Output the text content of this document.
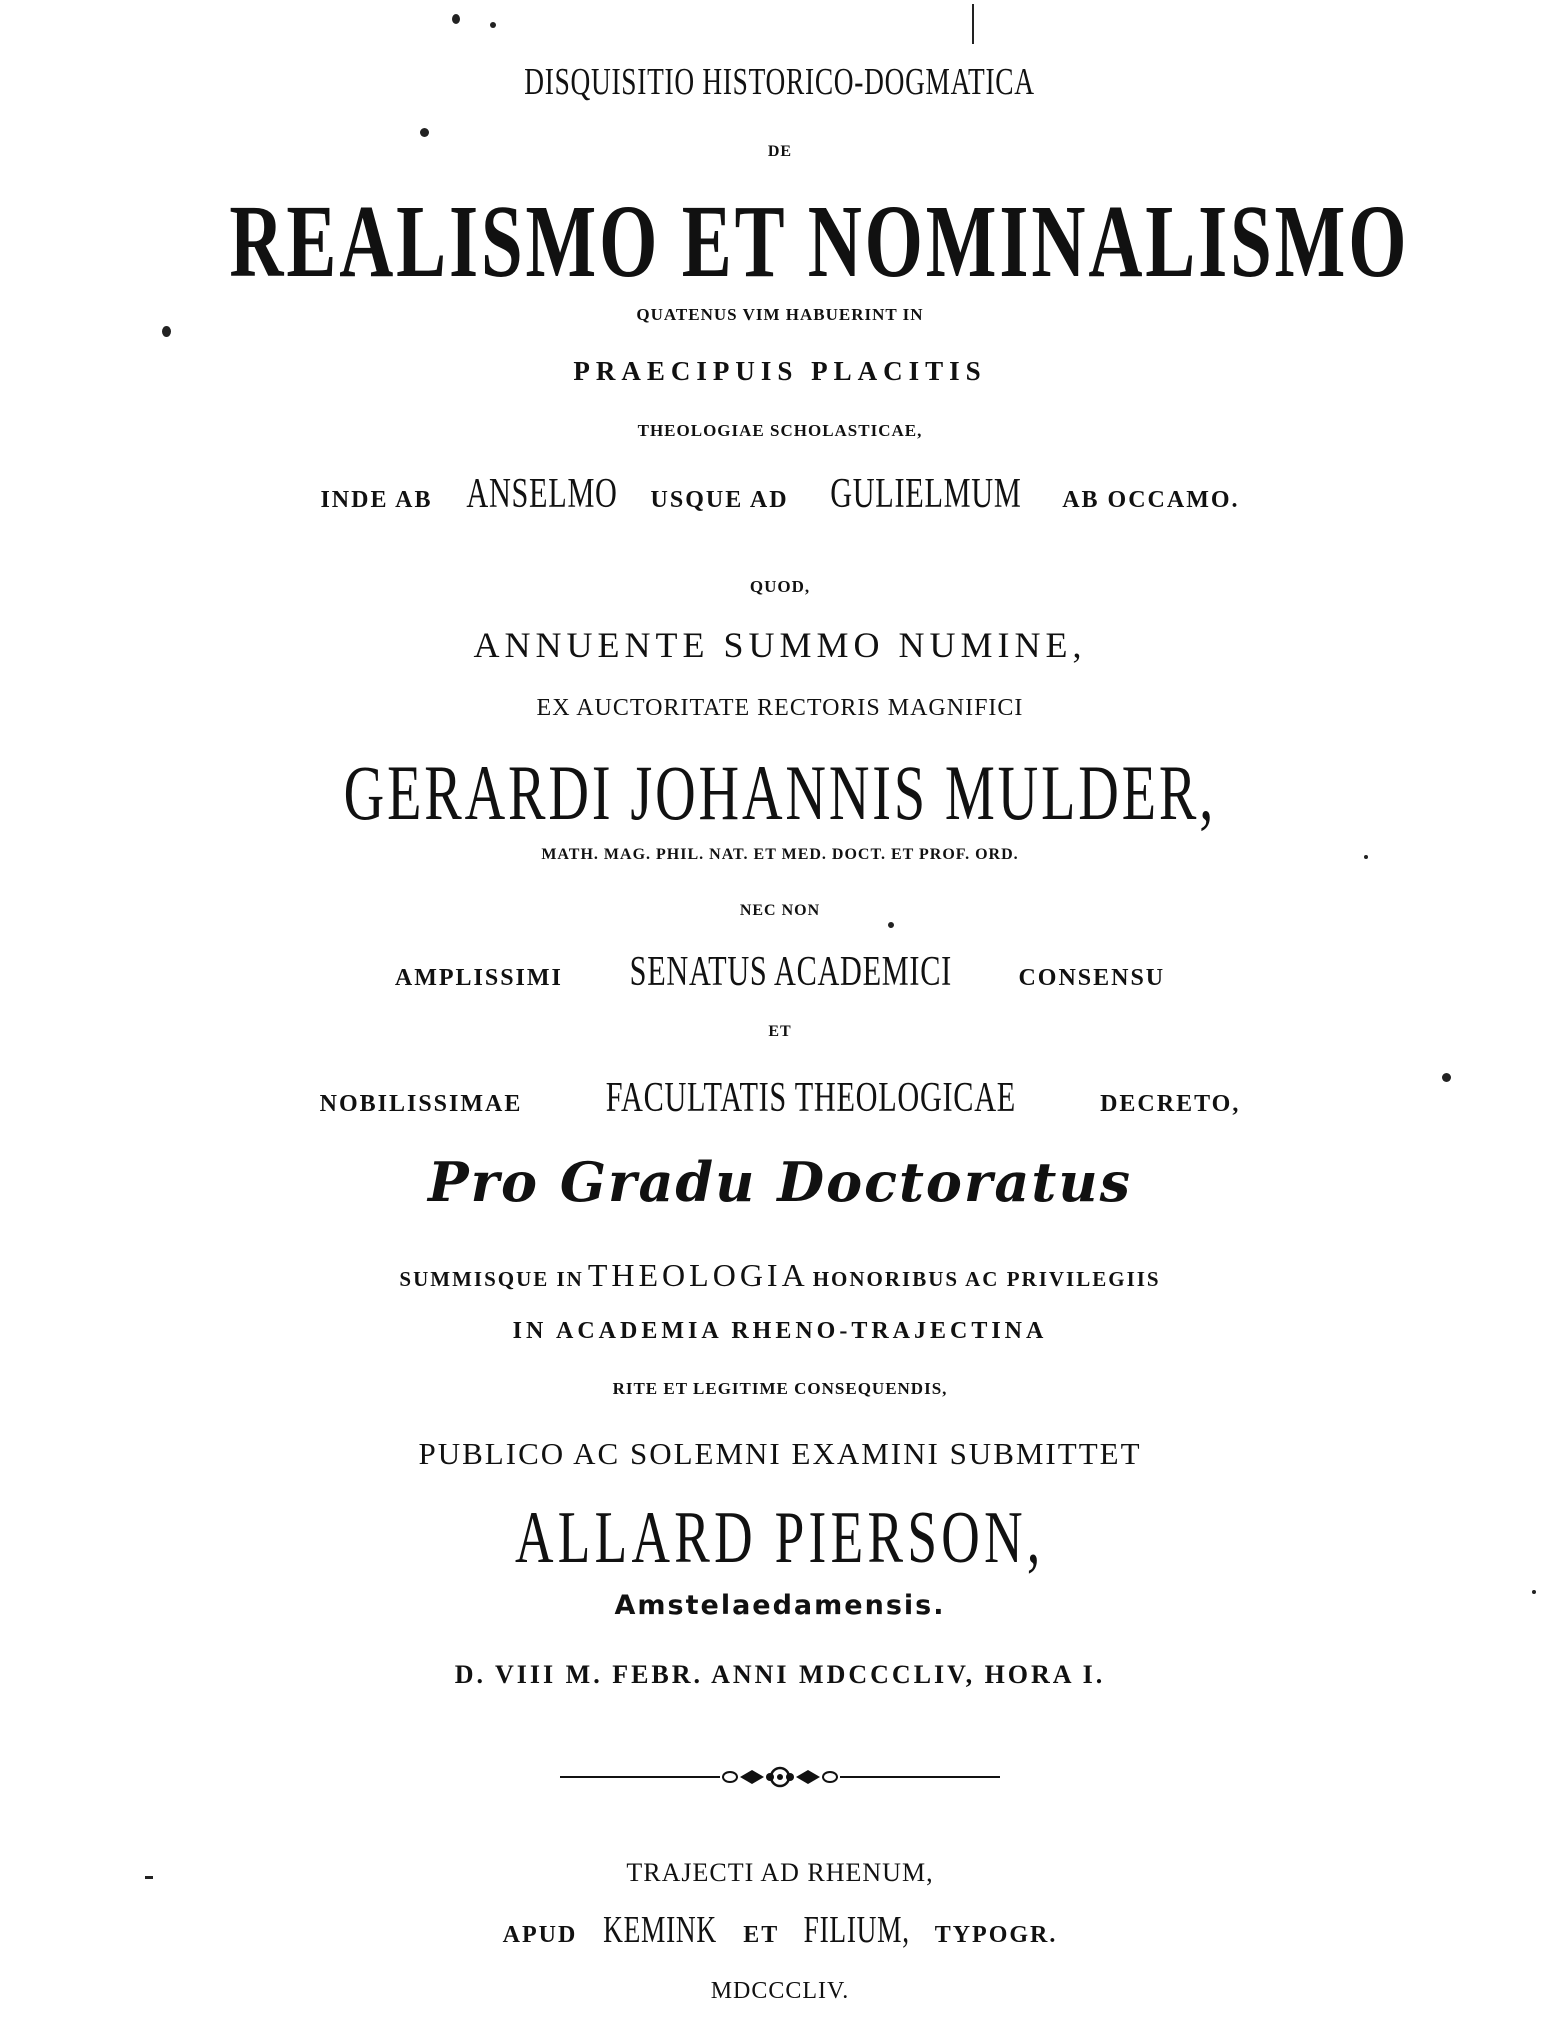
DISQUISITIO HISTORICO-DOGMATICA
DE
REALISMO ET NOMINALISMO
QUATENUS VIM HABUERINT IN
PRAECIPUIS PLACITIS
THEOLOGIAE SCHOLASTICAE,
INDE AB ANSELMO USQUE AD GULIELMUM AB OCCAMO.
QUOD,
ANNUENTE SUMMO NUMINE,
EX AUCTORITATE RECTORIS MAGNIFICI
GERARDI JOHANNIS MULDER,
MATH. MAG. PHIL. NAT. ET MED. DOCT. ET PROF. ORD.
NEC NON
AMPLISSIMI SENATUS ACADEMICI	CONSENSU
ET
NOBILISSIMAE FACULTATIS THEOLOGICAE	DECRETO,
Pro Gradu Doctoratus
SUMMISQUE IN THEOLOGIA HONORIBUS AC PRIVILEGIIS
IN ACADEMIA RHENO-TRAJECTINA
RITE ET LEGITIME CONSEQUENDIS,
PUBLICO AC SOLEMNI EXAMINI SUBMITTET
ALLARD PIERSON,
Amstelaedamensis.
D. VIII M. FEBR. ANNI MDCCCLIV, HORA I.
TRAJECTI AD RHENUM,
APUD KEMINK ET FILIUM, TYPOGR.
MDCCCLIV.
